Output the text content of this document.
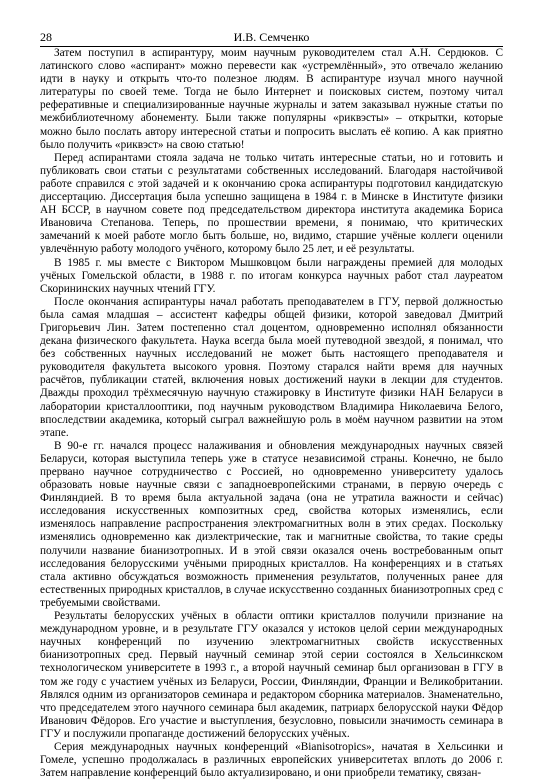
28	И.В. Семченко

Затем поступил в аспирантуру, моим научным руководителем стал А.Н. Сердюков. С латинского слово «аспирант» можно перевести как «устремлённый», это отвечало желанию идти в науку и открыть что-то полезное людям. В аспирантуре изучал много научной литературы по своей теме. Тогда не было Интернет и поисковых систем, поэтому читал реферативные и специализированные научные журналы и затем заказывал нужные статьи по межбиблиотечному абонементу. Были также популярны «риквэсты» – открытки, которые можно было послать автору интересной статьи и попросить выслать её копию. А как приятно было получить «риквэст» на свою статью!

Перед аспирантами стояла задача не только читать интересные статьи, но и готовить и публиковать свои статьи с результатами собственных исследований. Благодаря настойчивой работе справился с этой задачей и к окончанию срока аспирантуры подготовил кандидатскую диссертацию. Диссертация была успешно защищена в 1984 г. в Минске в Институте физики АН БССР, в научном совете под председательством директора института академика Бориса Ивановича Степанова. Теперь, по прошествии времени, я понимаю, что критических замечаний к моей работе могло быть больше, но, видимо, старшие учёные коллеги оценили увлечённую работу молодого учёного, которому было 25 лет, и её результаты.

В 1985 г. мы вместе с Виктором Мышковцом были награждены премией для молодых учёных Гомельской области, в 1988 г. по итогам конкурса научных работ стал лауреатом Скорининских научных чтений ГГУ.

После окончания аспирантуры начал работать преподавателем в ГГУ, первой должностью была самая младшая – ассистент кафедры общей физики, которой заведовал Дмитрий Григорьевич Лин. Затем постепенно стал доцентом, одновременно исполнял обязанности декана физического факультета. Наука всегда была моей путеводной звездой, я понимал, что без собственных научных исследований не может быть настоящего преподавателя и руководителя факультета высокого уровня. Поэтому старался найти время для научных расчётов, публикации статей, включения новых достижений науки в лекции для студентов. Дважды проходил трёхмесячную научную стажировку в Институте физики НАН Беларуси в лаборатории кристаллооптики, под научным руководством Владимира Николаевича Белого, впоследствии академика, который сыграл важнейшую роль в моём научном развитии на этом этапе.

В 90-е гг. начался процесс налаживания и обновления международных научных связей Беларуси, которая выступила теперь уже в статусе независимой страны. Конечно, не было прервано научное сотрудничество с Россией, но одновременно университету удалось образовать новые научные связи с западноевропейскими странами, в первую очередь с Финляндией. В то время была актуальной задача (она не утратила важности и сейчас) исследования искусственных композитных сред, свойства которых изменялись, если изменялось направление распространения электромагнитных волн в этих средах. Поскольку изменялись одновременно как диэлектрические, так и магнитные свойства, то такие среды получили название бианизотропных. И в этой связи оказался очень востребованным опыт исследования белорусскими учёными природных кристаллов. На конференциях и в статьях стала активно обсуждаться возможность применения результатов, полученных ранее для естественных природных кристаллов, в случае искусственно созданных бианизотропных сред с требуемыми свойствами.

Результаты белорусских учёных в области оптики кристаллов получили признание на международном уровне, и в результате ГГУ оказался у истоков целой серии международных научных конференций по изучению электромагнитных свойств искусственных бианизотропных сред. Первый научный семинар этой серии состоялся в Хельсинкском технологическом университете в 1993 г., а второй научный семинар был организован в ГГУ в том же году с участием учёных из Беларуси, России, Финляндии, Франции и Великобритании. Являлся одним из организаторов семинара и редактором сборника материалов. Знаменательно, что председателем этого научного семинара был академик, патриарх белорусской науки Фёдор Иванович Фёдоров. Его участие и выступления, безусловно, повысили значимость семинара в ГГУ и послужили пропаганде достижений белорусских учёных.

Серия международных научных конференций «Bianisotropics», начатая в Хельсинки и Гомеле, успешно продолжалась в различных европейских университетах вплоть до 2006 г. Затем направление конференций было актуализировано, и они приобрели тематику, связан-
